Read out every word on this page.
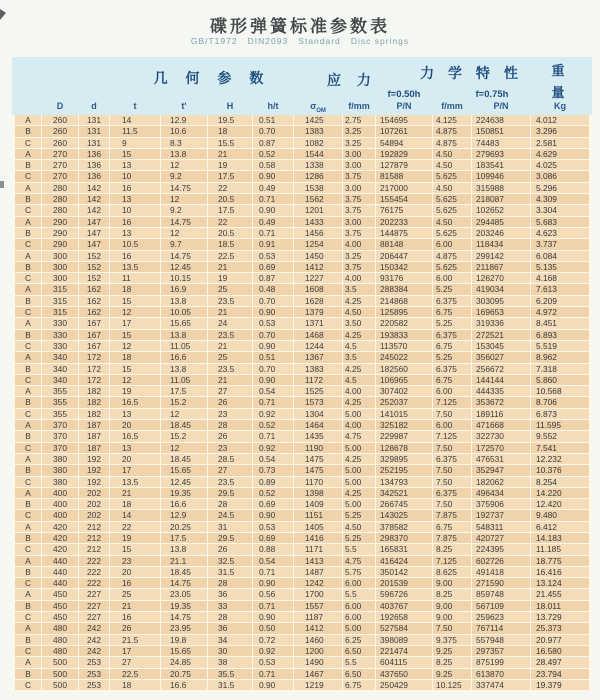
碟形弹簧标准参数表
GB/T1972   DIN2093   Standard   Disc springs
几 何 参 数	应 力	力 学 特 性	重
量
f=0.50h	f=0.75h
D	d	t	t'	H	h/t	$\sigma_{OM}$	f/mm	P/N	f/mm	P/N	Kg
A	260	131	14	12.9	19.5	0.51	1425	2.75	154695	4.125	224638	4.012
B	260	131	11.5	10.6	18	0.70	1383	3.25	107261	4.875	150851	3.296
C	260	131	9	8.3	15.5	0.87	1082	3.25	54894	4.875	74483	2.581
A	270	136	15	13.8	21	0.52	1544	3.00	192829	4.50	279693	4.629
B	270	136	13	12	19	0.58	1338	3.00	127879	4.50	183541	4.025
C	270	136	10	9.2	17.5	0.90	1286	3.75	81588	5.625	109946	3.086
A	280	142	16	14.75	22	0.49	1538	3.00	217000	4.50	315988	5.296
B	280	142	13	12	20.5	0.71	1562	3.75	155454	5.625	218087	4.309
C	280	142	10	9.2	17.5	0.90	1201	3.75	76175	5.625	102652	3.304
A	290	147	16	14.75	22	0.49	1433	3.00	202233	4.50	294485	5.683
B	290	147	13	12	20.5	0.71	1456	3.75	144875	5.625	203246	4.623
C	290	147	10.5	9.7	18.5	0.91	1254	4.00	88148	6.00	118434	3.737
A	300	152	16	14.75	22.5	0.53	1450	3.25	206447	4.875	299142	6.084
B	300	152	13.5	12.45	21	0.69	1412	3.75	150342	5.625	211867	5.135
C	300	152	11	10.15	19	0.87	1227	4.00	93176	6.00	126270	4.168
A	315	162	18	16.9	25	0.48	1608	3.5	288384	5.25	419034	7.613
B	315	162	15	13.8	23.5	0.70	1628	4.25	214868	6.375	303095	6.209
C	315	162	12	10.05	21	0.90	1379	4.50	125895	6.75	169653	4.972
A	330	167	17	15.65	24	0.53	1371	3.50	220582	5.25	319336	8.451
B	330	167	15	13.8	23.5	0.70	1468	4.25	193833	6.375	272521	6.893
C	330	167	12	11.05	21	0.90	1244	4.5	113570	6.75	153045	5.519
A	340	172	18	16.6	25	0.51	1367	3.5	245022	5.25	356027	8.962
B	340	172	15	13.8	23.5	0.70	1383	4.25	182560	6.375	256672	7.318
C	340	172	12	11.05	21	0.90	1172	4.5	106965	6.75	144144	5.860
A	355	182	19	17.5	27	0.54	1525	4.00	307402	6.00	444335	10.568
B	355	182	16.5	15.2	26	0.71	1573	4.25	252037	7.125	353672	8.706
C	355	182	13	12	23	0.92	1304	5.00	141015	7.50	189116	6.873
A	370	187	20	18.45	28	0.52	1464	4.00	325182	6.00	471668	11.595
B	370	187	16.5	15.2	26	0.71	1435	4.75	229987	7.125	322730	9.552
C	370	187	13	12	23	0.92	1190	5.00	128678	7.50	172570	7.541
A	380	192	20	18.45	28.5	0.54	1475	4.25	329895	6.375	476531	12.232
B	380	192	17	15.65	27	0.73	1475	5.00	252195	7.50	352947	10.376
C	380	192	13.5	12.45	23.5	0.89	1170	5.00	134793	7.50	182062	8.254
A	400	202	21	19.35	29.5	0.52	1398	4.25	342521	6.375	496434	14.220
B	400	202	18	16.6	28	0.69	1409	5.00	266745	7.50	375906	12.420
C	400	202	14	12.9	24.5	0.90	1151	5.25	143025	7.875	192737	9.480
A	420	212	22	20.25	31	0.53	1405	4.50	378582	6.75	548311	6.412
B	420	212	19	17.5	29.5	0.69	1416	5.25	298370	7.875	420727	14.183
C	420	212	15	13.8	26	0.88	1171	5.5	165831	8.25	224395	11.185
A	440	222	23	21.1	32.5	0.54	1413	4.75	416424	7.125	602726	18.775
B	440	222	20	18.45	31.5	0.71	1487	5.75	350142	8.625	491418	16.416
C	440	222	16	14.75	28	0.90	1242	6.00	201539	9.00	271590	13.124
A	450	227	25	23.05	36	0.56	1700	5.5	596726	8.25	859748	21.455
B	450	227	21	19.35	33	0.71	1557	6.00	403767	9.00	567109	18.011
C	450	227	16	14.75	28	0.90	1187	6.00	192658	9.00	259623	13.729
A	480	242	26	23.95	36	0.50	1412	5.00	527584	7.50	767114	25.373
B	480	242	21.5	19.8	34	0.72	1460	6.25	398089	9.375	557948	20.977
C	480	242	17	15.65	30	0.92	1200	6.50	221474	9.25	297357	16.580
A	500	253	27	24.85	38	0.53	1490	5.5	604115	8.25	875199	28.497
B	500	253	22.5	20.75	35.5	0.71	1467	6.50	437650	9.25	613870	23.794
C	500	253	18	16.6	31.5	0.90	1219	6.75	250429	10.125	337474	19.379
